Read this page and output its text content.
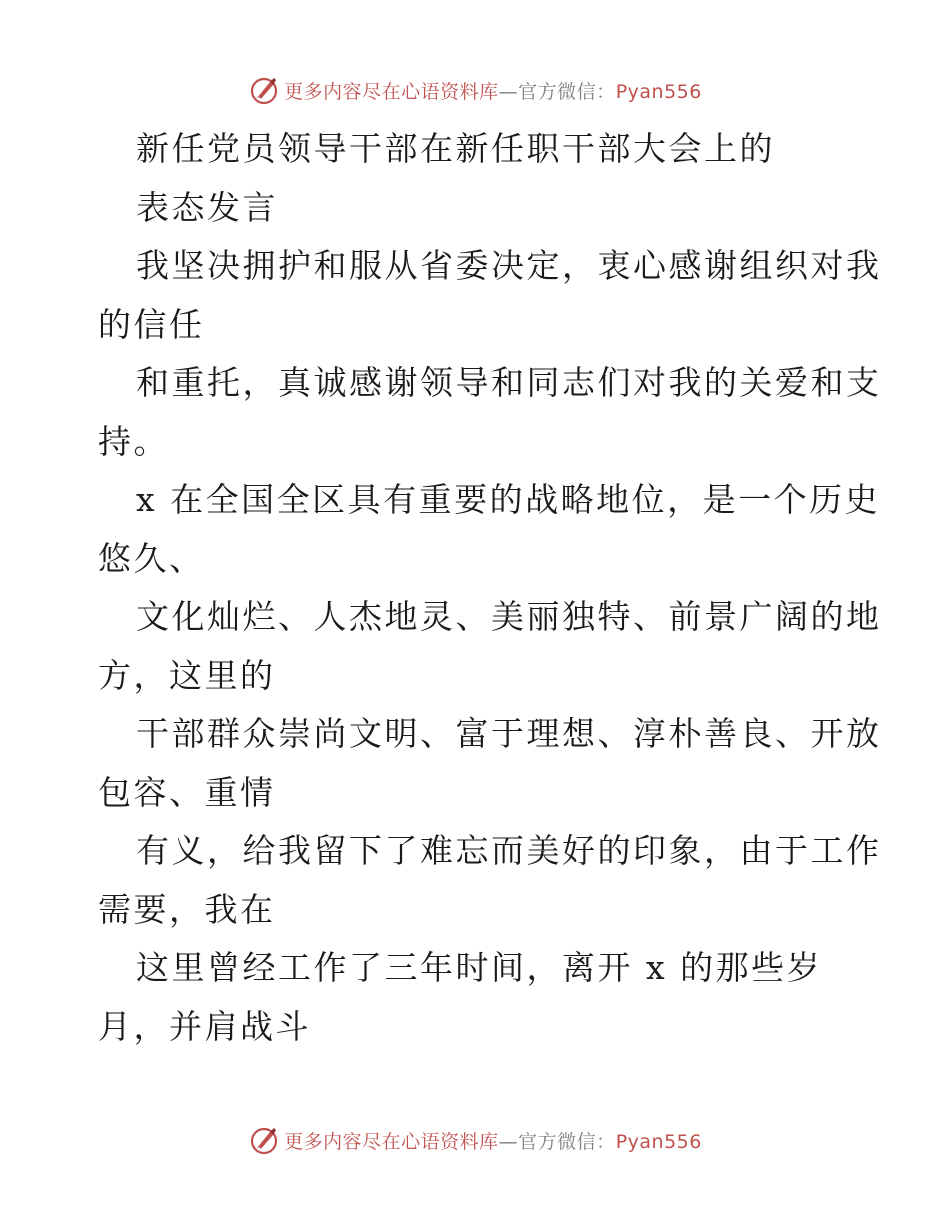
更多内容尽在心语资料库—官方微信：Pyan556
新任党员领导干部在新任职干部大会上的
表态发言
我坚决拥护和服从省委决定，衷心感谢组织对我
的信任
和重托，真诚感谢领导和同志们对我的关爱和支
持。
x 在全国全区具有重要的战略地位，是一个历史
悠久、
文化灿烂、人杰地灵、美丽独特、前景广阔的地
方，这里的
干部群众崇尚文明、富于理想、淳朴善良、开放
包容、重情
有义，给我留下了难忘而美好的印象，由于工作
需要，我在
这里曾经工作了三年时间，离开 x 的那些岁
月，并肩战斗
更多内容尽在心语资料库—官方微信：Pyan556
